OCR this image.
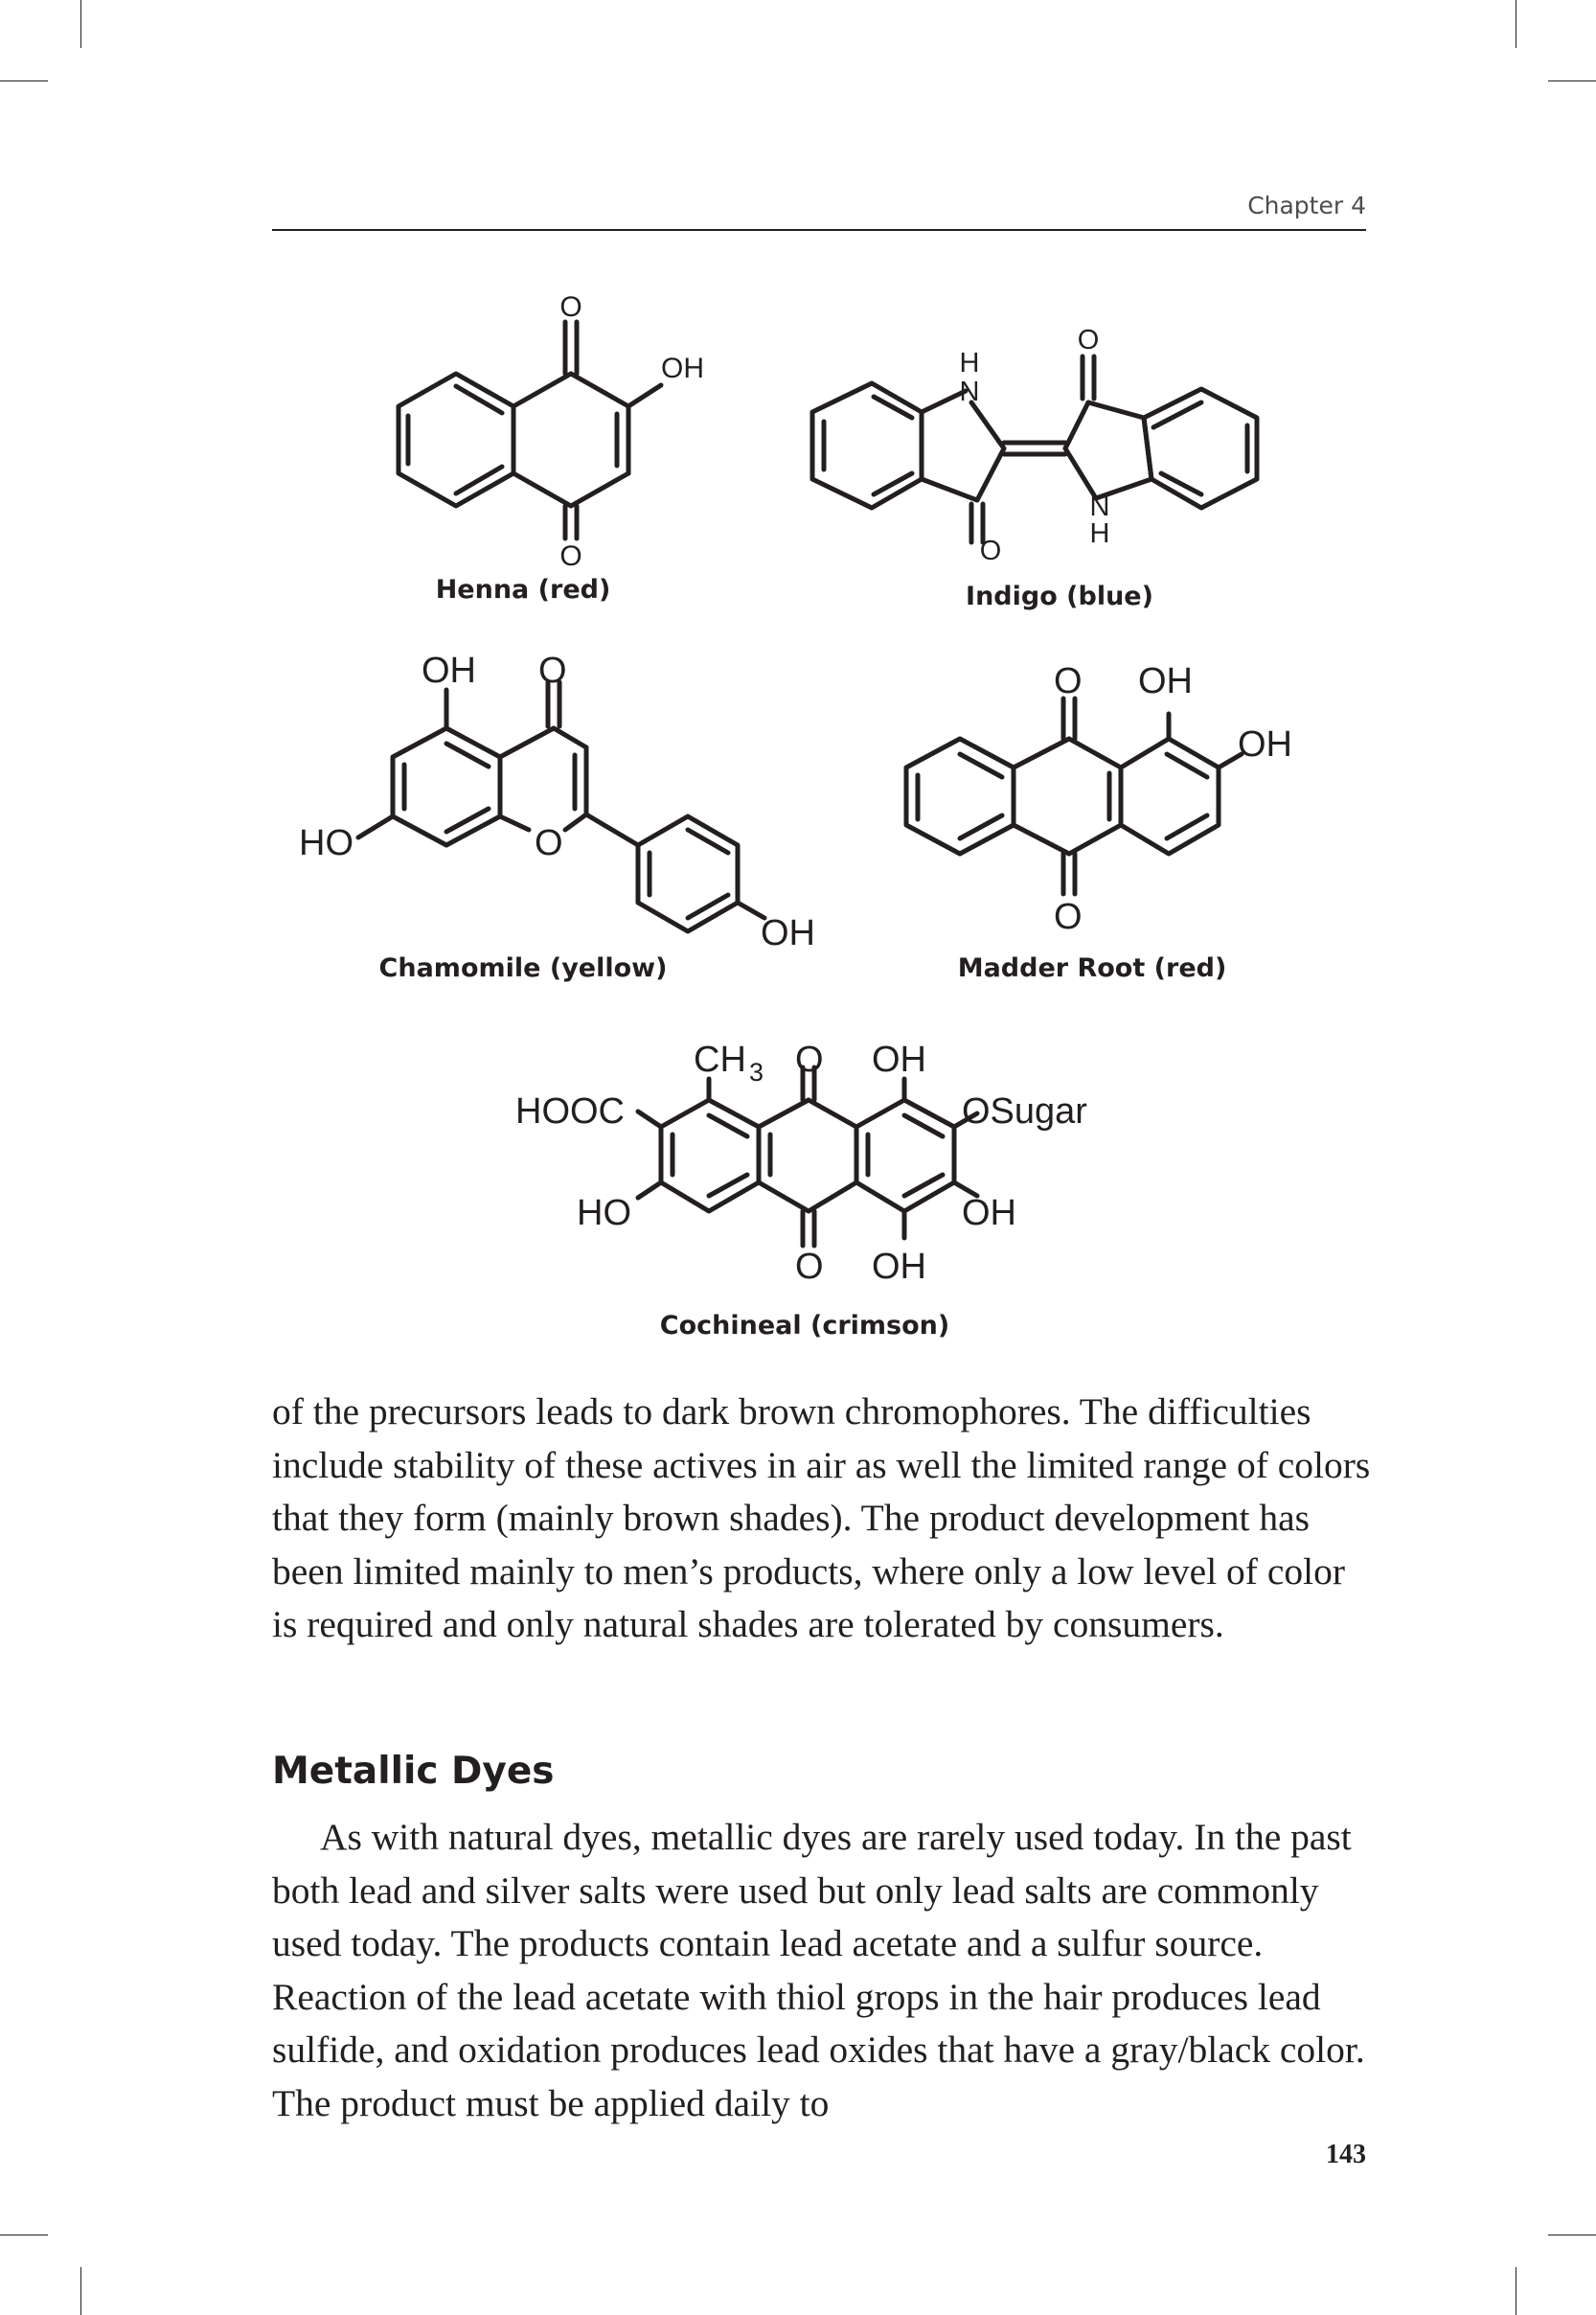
Chapter 4
O
OH
O
Henna (red)
H
N
O
N
H
O
Indigo (blue)
OH O
HO	O
OH
Chamomile (yellow)
O OH
OH
O
Madder Root (red)
CH 3 O OH
HOOC	OSugar
HO	OH
O OH
Cochineal (crimson)

of the precursors leads to dark brown chromophores. The difficulties include stability of these actives in air as well the limited range of colors that they form (mainly brown shades). The product development has been limited mainly to men’s products, where only a low level of color is required and only natural shades are tolerated by consumers.

Metallic Dyes

As with natural dyes, metallic dyes are rarely used today. In the past both lead and silver salts were used but only lead salts are commonly used today. The products contain lead acetate and a sulfur source. Reaction of the lead acetate with thiol grops in the hair produces lead sulfide, and oxidation produces lead oxides that have a gray/black color. The product must be applied daily to

143
